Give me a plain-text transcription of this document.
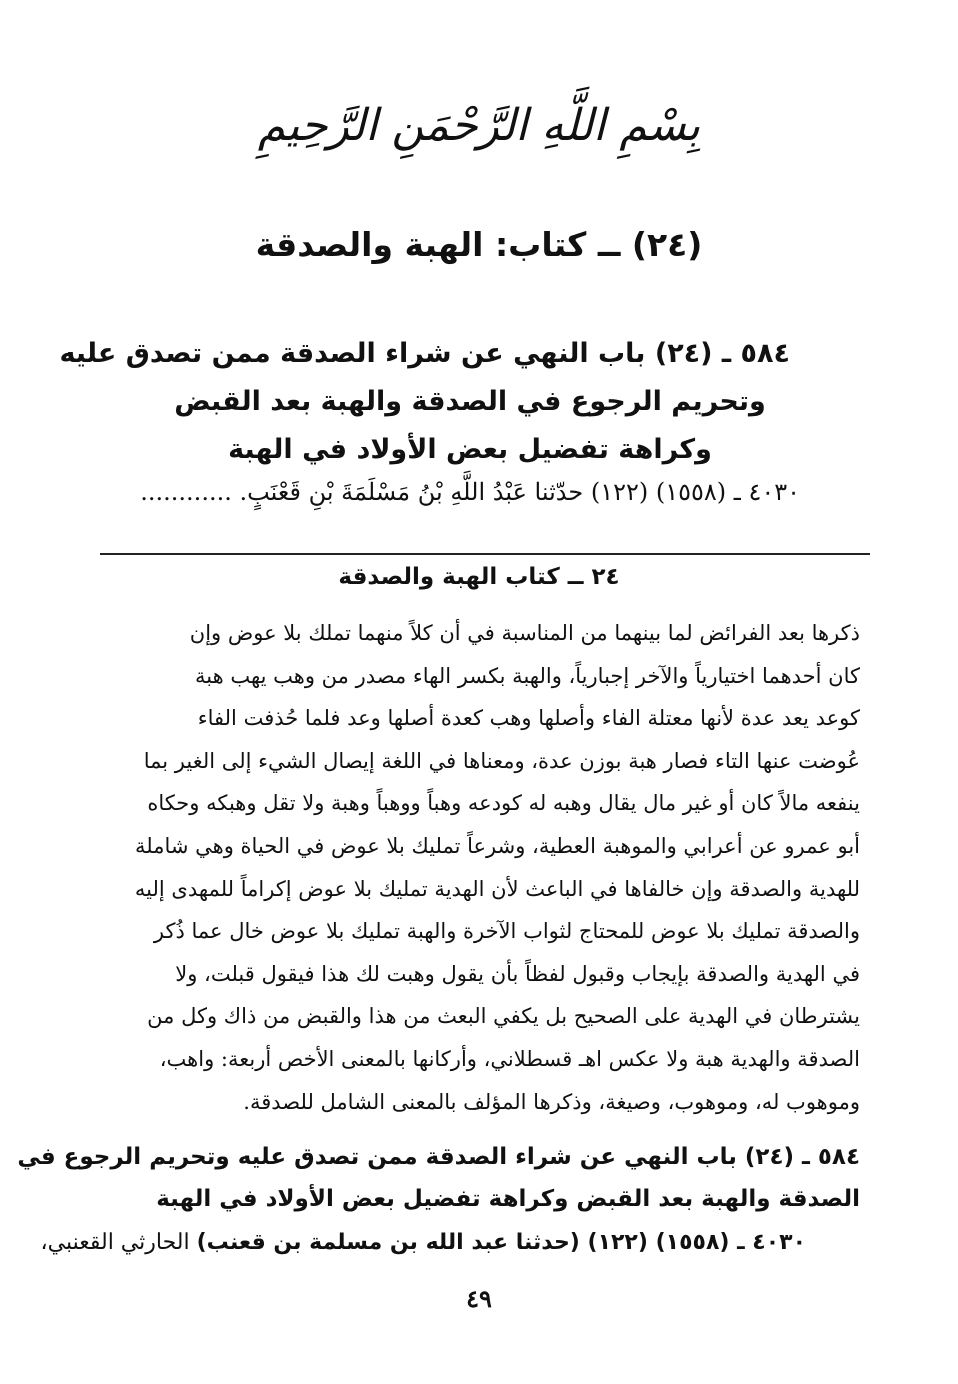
بِسْمِ اللَّهِ الرَّحْمَنِ الرَّحِيمِ
(٢٤) ــ كتاب: الهبة والصدقة
٥٨٤ ـ (٢٤) باب النهي عن شراء الصدقة ممن تصدق عليه
وتحريم الرجوع في الصدقة والهبة بعد القبض
وكراهة تفضيل بعض الأولاد في الهبة
٤٠٣٠ ـ (١٥٥٨) (١٢٢) حدّثنا عَبْدُ اللَّهِ بْنُ مَسْلَمَةَ بْنِ قَعْنَبٍ. ............
٢٤ ــ كتاب الهبة والصدقة
ذكرها بعد الفرائض لما بينهما من المناسبة في أن كلاً منهما تملك بلا عوض وإن
كان أحدهما اختيارياً والآخر إجبارياً، والهبة بكسر الهاء مصدر من وهب يهب هبة
كوعد يعد عدة لأنها معتلة الفاء وأصلها وهب كعدة أصلها وعد فلما حُذفت الفاء
عُوضت عنها التاء فصار هبة بوزن عدة، ومعناها في اللغة إيصال الشيء إلى الغير بما
ينفعه مالاً كان أو غير مال يقال وهبه له كودعه وهباً ووهباً وهبة ولا تقل وهبكه وحكاه
أبو عمرو عن أعرابي والموهبة العطية، وشرعاً تمليك بلا عوض في الحياة وهي شاملة
للهدية والصدقة وإن خالفاها في الباعث لأن الهدية تمليك بلا عوض إكراماً للمهدى إليه
والصدقة تمليك بلا عوض للمحتاج لثواب الآخرة والهبة تمليك بلا عوض خال عما ذُكر
في الهدية والصدقة بإيجاب وقبول لفظاً بأن يقول وهبت لك هذا فيقول قبلت، ولا
يشترطان في الهدية على الصحيح بل يكفي البعث من هذا والقبض من ذاك وكل من
الصدقة والهدية هبة ولا عكس اهـ قسطلاني، وأركانها بالمعنى الأخص أربعة: واهب،
وموهوب له، وموهوب، وصيغة، وذكرها المؤلف بالمعنى الشامل للصدقة.
٥٨٤ ـ (٢٤) باب النهي عن شراء الصدقة ممن تصدق عليه وتحريم الرجوع في
الصدقة والهبة بعد القبض وكراهة تفضيل بعض الأولاد في الهبة
٤٠٣٠ ـ (١٥٥٨) (١٢٢) (حدثنا عبد الله بن مسلمة بن قعنب) الحارثي القعنبي،
٤٩
